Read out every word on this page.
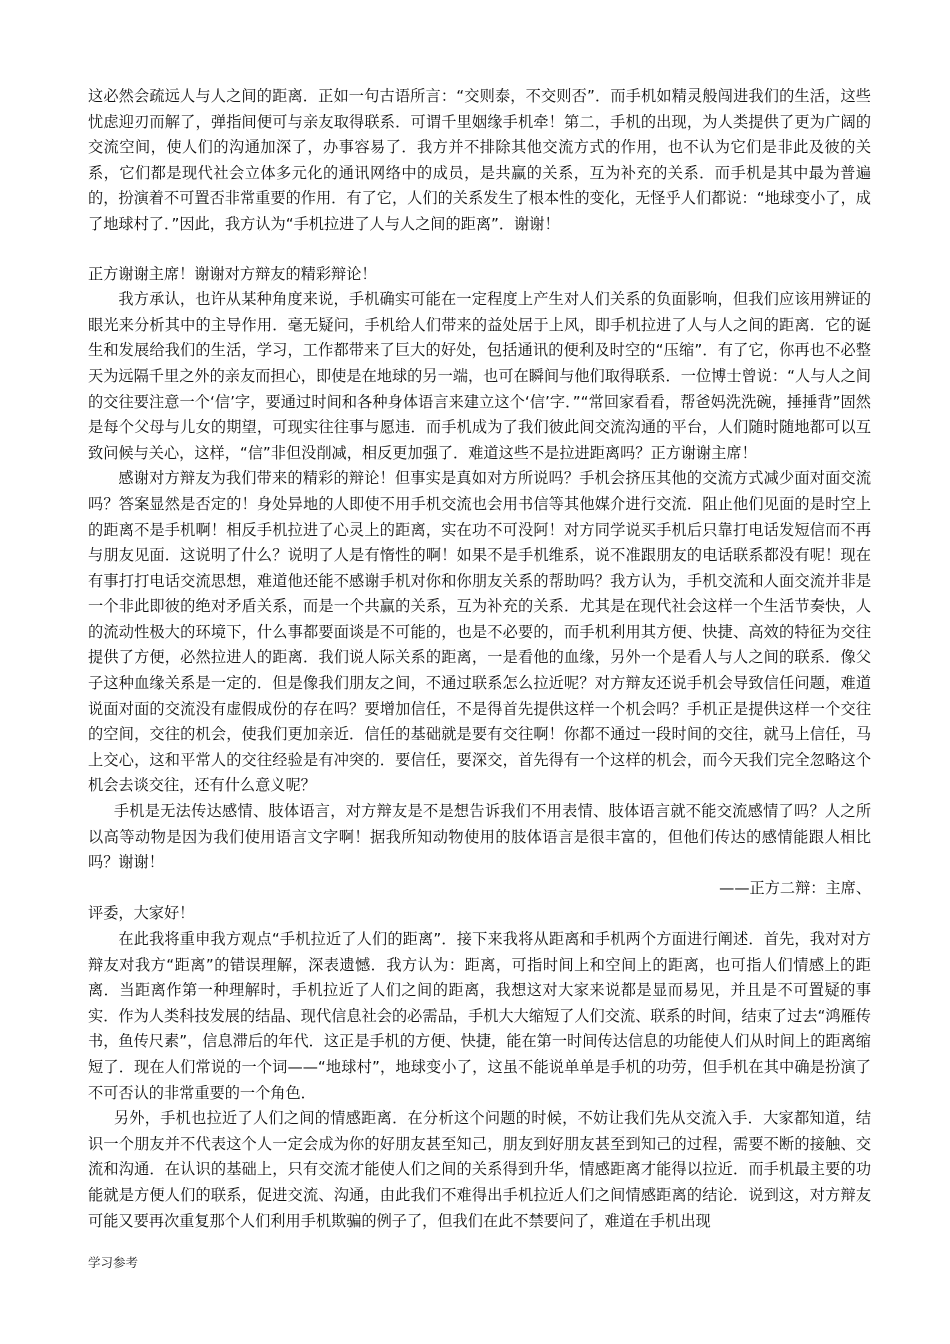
这必然会疏远人与人之间的距离．正如一句古语所言：“交则泰，不交则否”．而手机如精灵般闯进我们的生活，这些忧虑迎刃而解了，弹指间便可与亲友取得联系．可谓千里姻缘手机牵！第二，手机的出现，为人类提供了更为广阔的交流空间，使人们的沟通加深了，办事容易了．我方并不排除其他交流方式的作用，也不认为它们是非此及彼的关系，它们都是现代社会立体多元化的通讯网络中的成员，是共赢的关系，互为补充的关系．而手机是其中最为普遍的，扮演着不可置否非常重要的作用．有了它，人们的关系发生了根本性的变化，无怪乎人们都说：“地球变小了，成了地球村了．”因此，我方认为“手机拉进了人与人之间的距离”．谢谢！

正方谢谢主席！谢谢对方辩友的精彩辩论！

我方承认，也许从某种角度来说，手机确实可能在一定程度上产生对人们关系的负面影响，但我们应该用辨证的眼光来分析其中的主导作用．毫无疑问，手机给人们带来的益处居于上风，即手机拉进了人与人之间的距离．它的诞生和发展给我们的生活，学习，工作都带来了巨大的好处，包括通讯的便利及时空的“压缩”．有了它，你再也不必整天为远隔千里之外的亲友而担心，即使是在地球的另一端，也可在瞬间与他们取得联系．一位博士曾说：“人与人之间的交往要注意一个‘信’字，要通过时间和各种身体语言来建立这个‘信’字．”“常回家看看，帮爸妈洗洗碗，捶捶背”固然是每个父母与儿女的期望，可现实往往事与愿违．而手机成为了我们彼此间交流沟通的平台，人们随时随地都可以互致问候与关心，这样，“信”非但没削减，相反更加强了．难道这些不是拉进距离吗？正方谢谢主席！

感谢对方辩友为我们带来的精彩的辩论！但事实是真如对方所说吗？手机会挤压其他的交流方式减少面对面交流吗？答案显然是否定的！身处异地的人即使不用手机交流也会用书信等其他媒介进行交流．阻止他们见面的是时空上的距离不是手机啊！相反手机拉进了心灵上的距离，实在功不可没阿！对方同学说买手机后只靠打电话发短信而不再与朋友见面．这说明了什么？说明了人是有惰性的啊！如果不是手机维系，说不准跟朋友的电话联系都没有呢！现在有事打打电话交流思想，难道他还能不感谢手机对你和你朋友关系的帮助吗？我方认为，手机交流和人面交流并非是一个非此即彼的绝对矛盾关系，而是一个共赢的关系，互为补充的关系．尤其是在现代社会这样一个生活节奏快，人的流动性极大的环境下，什么事都要面谈是不可能的，也是不必要的，而手机利用其方便、快捷、高效的特征为交往提供了方便，必然拉进人的距离．我们说人际关系的距离，一是看他的血缘，另外一个是看人与人之间的联系．像父子这种血缘关系是一定的．但是像我们朋友之间，不通过联系怎么拉近呢？对方辩友还说手机会导致信任问题，难道说面对面的交流没有虚假成份的存在吗？要增加信任，不是得首先提供这样一个机会吗？手机正是提供这样一个交往的空间，交往的机会，使我们更加亲近．信任的基础就是要有交往啊！你都不通过一段时间的交往，就马上信任，马上交心，这和平常人的交往经验是有冲突的．要信任，要深交，首先得有一个这样的机会，而今天我们完全忽略这个机会去谈交往，还有什么意义呢？

手机是无法传达感情、肢体语言，对方辩友是不是想告诉我们不用表情、肢体语言就不能交流感情了吗？人之所以高等动物是因为我们使用语言文字啊！据我所知动物使用的肢体语言是很丰富的，但他们传达的感情能跟人相比吗？谢谢！

——正方二辩：主席、

评委，大家好！

在此我将重申我方观点“手机拉近了人们的距离”．接下来我将从距离和手机两个方面进行阐述．首先，我对对方辩友对我方“距离”的错误理解，深表遗憾．我方认为：距离，可指时间上和空间上的距离，也可指人们情感上的距离．当距离作第一种理解时，手机拉近了人们之间的距离，我想这对大家来说都是显而易见，并且是不可置疑的事实．作为人类科技发展的结晶、现代信息社会的必需品，手机大大缩短了人们交流、联系的时间，结束了过去“鸿雁传书，鱼传尺素”，信息滞后的年代．这正是手机的方便、快捷，能在第一时间传达信息的功能使人们从时间上的距离缩短了．现在人们常说的一个词——“地球村”，地球变小了，这虽不能说单单是手机的功劳，但手机在其中确是扮演了不可否认的非常重要的一个角色．

另外，手机也拉近了人们之间的情感距离．在分析这个问题的时候，不妨让我们先从交流入手．大家都知道，结识一个朋友并不代表这个人一定会成为你的好朋友甚至知己，朋友到好朋友甚至到知己的过程，需要不断的接触、交流和沟通．在认识的基础上，只有交流才能使人们之间的关系得到升华，情感距离才能得以拉近．而手机最主要的功能就是方便人们的联系，促进交流、沟通，由此我们不难得出手机拉近人们之间情感距离的结论．说到这，对方辩友可能又要再次重复那个人们利用手机欺骗的例子了，但我们在此不禁要问了，难道在手机出现

学习参考
